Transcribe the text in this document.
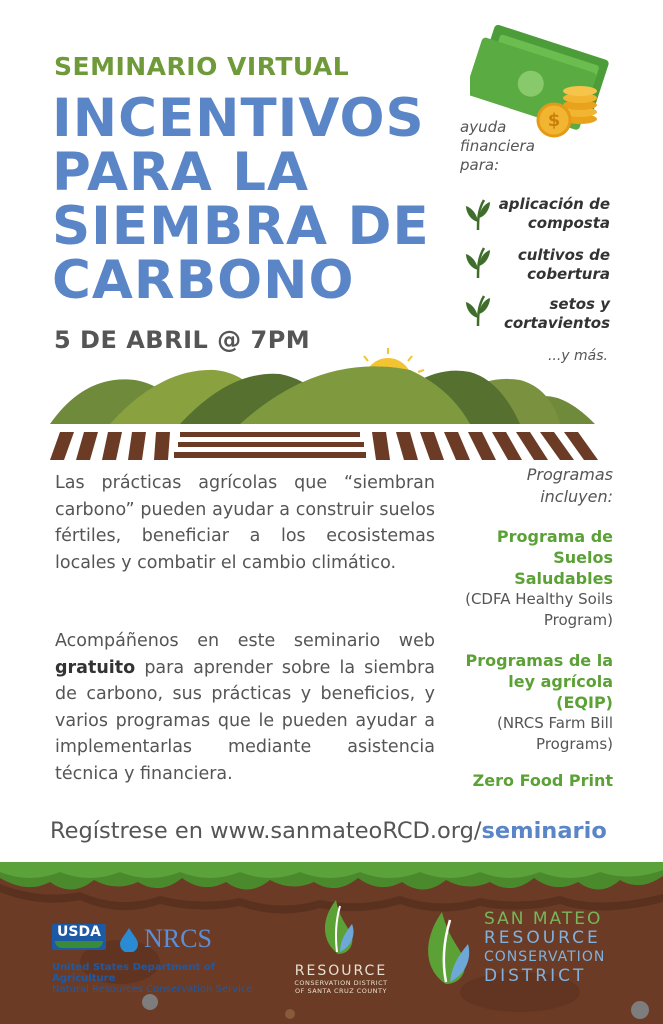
SEMINARIO VIRTUAL
INCENTIVOS PARA LA SIEMBRA DE CARBONO
5 DE ABRIL @ 7PM
$
ayuda financiera para:
aplicación de composta
cultivos de cobertura
setos y cortavientos
...y más.
Las prácticas agrícolas que “siembran carbono” pueden ayudar a construir suelos fértiles, beneficiar a los ecosistemas locales y combatir el cambio climático.
Acompáñenos en este seminario web gratuito para aprender sobre la siembra de carbono, sus prácticas y beneficios, y varios programas que le pueden ayudar a implementarlas mediante asistencia técnica y financiera.
Programas incluyen:
Programa de Suelos Saludables
(CDFA Healthy Soils Program)
Programas de la ley agrícola (EQIP)
(NRCS Farm Bill Programs)
Zero Food Print
Regístrese en www.sanmateoRCD.org/seminario
USDA NRCS
United States Department of Agriculture
Natural Resources Conservation Service
RESOURCE
CONSERVATION DISTRICT
OF SANTA CRUZ COUNTY
SAN MATEO
RESOURCE
CONSERVATION
DISTRICT
